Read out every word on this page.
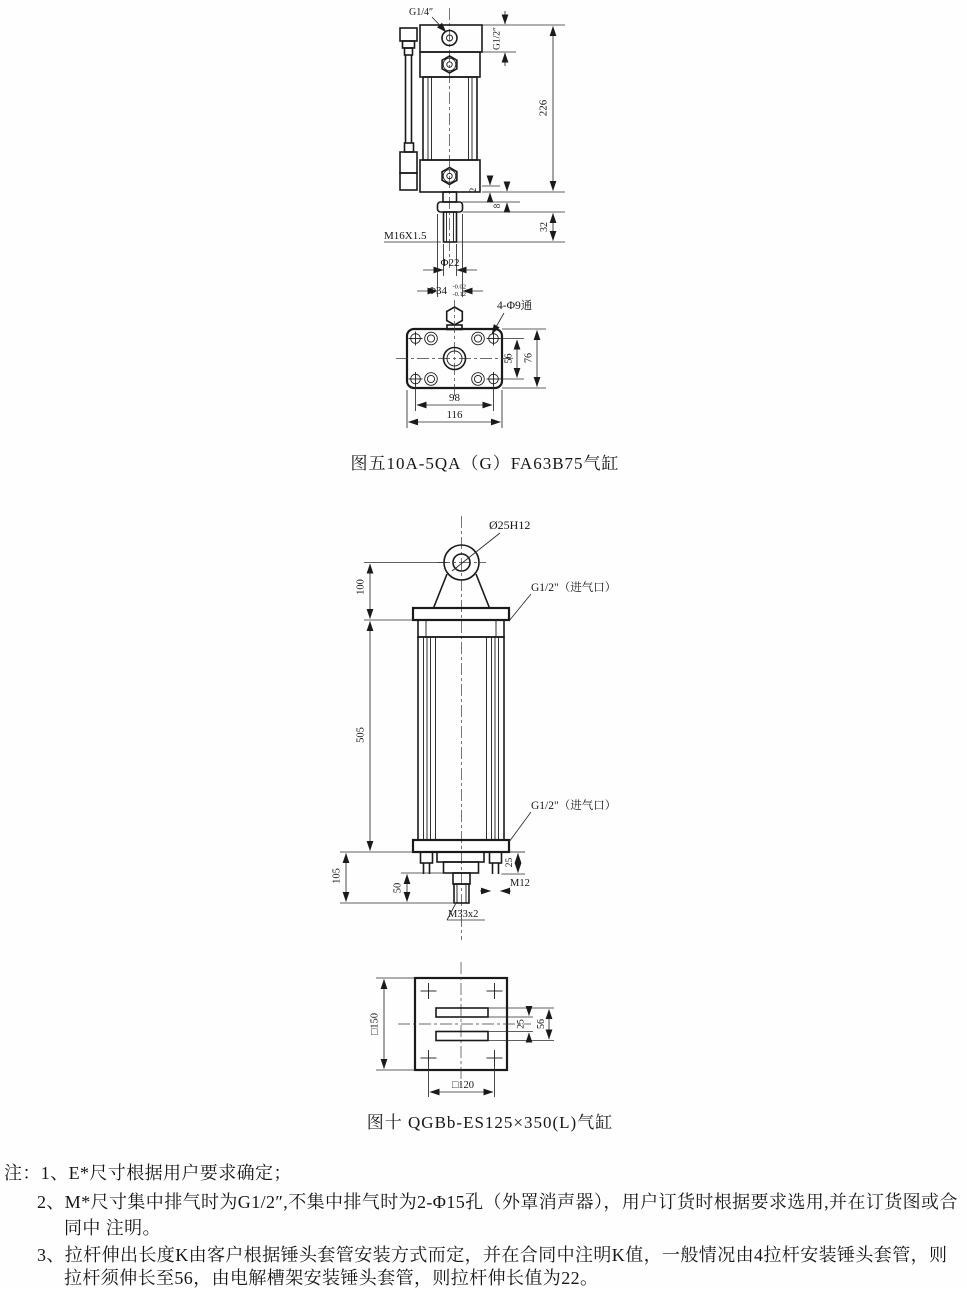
G1/4″
G1/2″
226
2
8
32
M16X1.5
Φ22
Φ34 -0.02
-0.12
4-Φ9通
56 76
98
116
Ø25H12
G1/2"（进气口）
G1/2"（进气口）
100
505
105
50
M33x2
25
M12
25 56
□150
□120
图五10A-5QA（G）FA63B75气缸
图十 QGBb-ES125×350(L)气缸
注：1、E*尺寸根据用户要求确定；
2、M*尺寸集中排气时为G1/2″,不集中排气时为2-Φ15孔（外罩消声器），用户订货时根据要求选用,并在订货图或合
同中 注明。
3、拉杆伸出长度K由客户根据锤头套管安装方式而定，并在合同中注明K值，一般情况由4拉杆安装锤头套管，则
拉杆须伸长至56，由电解槽架安装锤头套管，则拉杆伸长值为22。
